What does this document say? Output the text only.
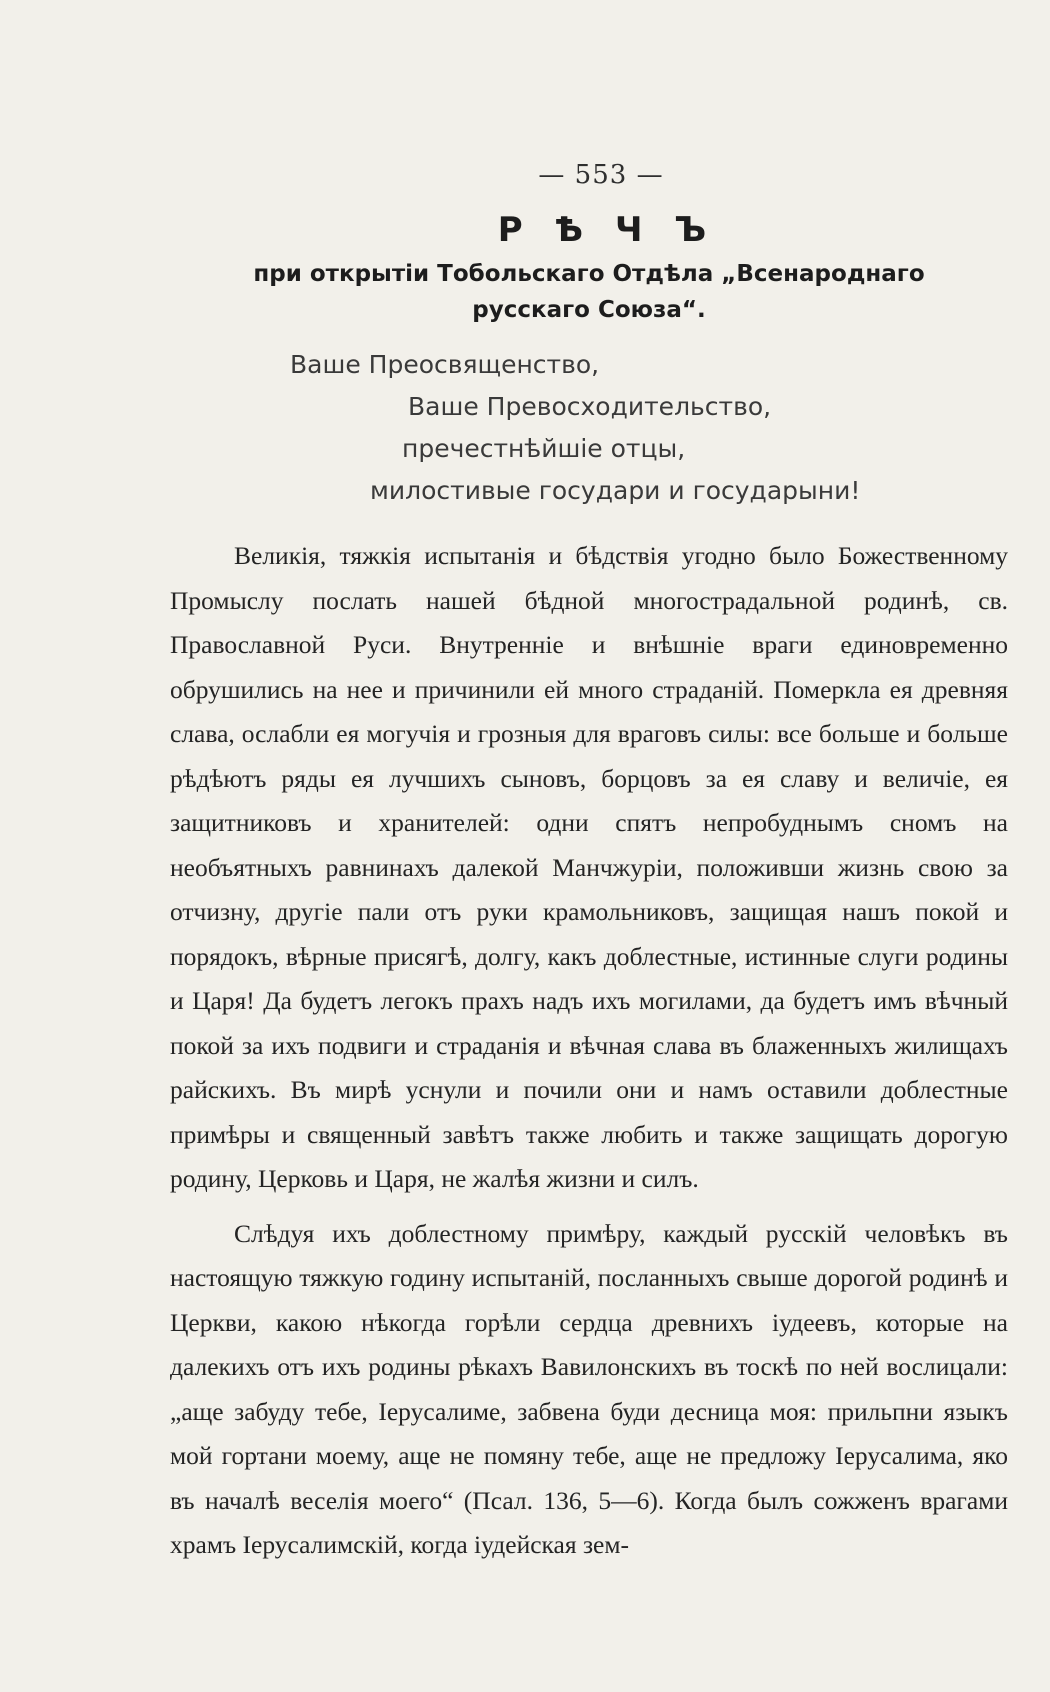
— 553 —
Р Ѣ Ч Ъ
при открытіи Тобольскаго Отдѣла „Всенароднаго
русскаго Союза“.
Ваше Преосвященство,
Ваше Превосходительство,
пречестнѣйшіе отцы,
милостивые государи и государыни!

Великія, тяжкія испытанія и бѣдствія угодно было Божественному Промыслу послать нашей бѣдной многострадальной родинѣ, св. Православной Руси. Внутренніе и внѣшніе враги единовременно обрушились на нее и причинили ей много страданій. Померкла ея древняя слава, ослабли ея могучія и грозныя для враговъ силы: все больше и больше рѣдѣютъ ряды ея лучшихъ сыновъ, борцовъ за ея славу и величіе, ея защитниковъ и хранителей: одни спятъ непробуднымъ сномъ на необъятныхъ равнинахъ далекой Манчжуріи, положивши жизнь свою за отчизну, другіе пали отъ руки крамольниковъ, защищая нашъ покой и порядокъ, вѣрные присягѣ, долгу, какъ доблестные, истинные слуги родины и Царя! Да будетъ легокъ прахъ надъ ихъ могилами, да будетъ имъ вѣчный покой за ихъ подвиги и страданія и вѣчная слава въ блаженныхъ жилищахъ райскихъ. Въ мирѣ уснули и почили они и намъ оставили доблестные примѣры и священный завѣтъ также любить и также защищать дорогую родину, Церковь и Царя, не жалѣя жизни и силъ.

Слѣдуя ихъ доблестному примѣру, каждый русскій человѣкъ въ настоящую тяжкую годину испытаній, посланныхъ свыше дорогой родинѣ и Церкви, какою нѣкогда горѣли сердца древнихъ іудеевъ, которые на далекихъ отъ ихъ родины рѣкахъ Вавилонскихъ въ тоскѣ по ней вослицали: „аще забуду тебе, Іерусалиме, забвена буди десница моя: прильпни языкъ мой гортани моему, аще не помяну тебе, аще не предложу Іерусалима, яко въ началѣ веселія моего“ (Псал. 136, 5—6). Когда былъ сожженъ врагами храмъ Іерусалимскій, когда іудейская зем-
